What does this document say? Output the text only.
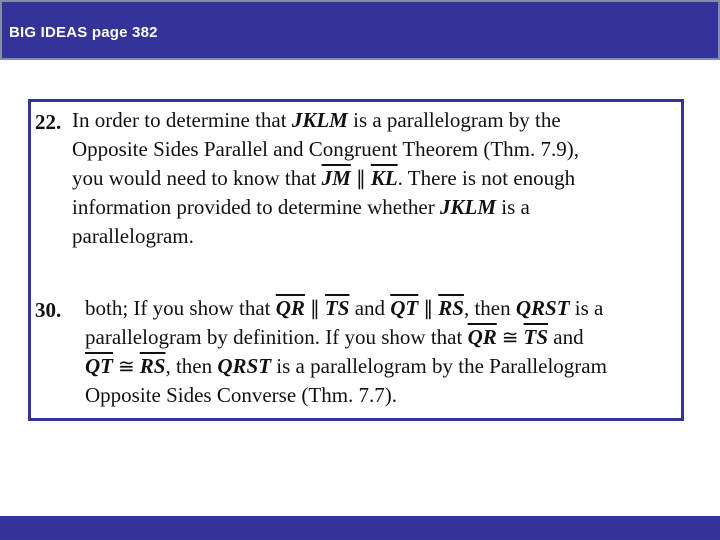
BIG IDEAS page 382
22. In order to determine that JKLM is a parallelogram by the
Opposite Sides Parallel and Congruent Theorem (Thm. 7.9),
you would need to know that $\overline{JM}$ ∥ $\overline{KL}$. There is not enough
information provided to determine whether JKLM is a
parallelogram.
30. both; If you show that $\overline{QR}$ ∥ $\overline{TS}$ and $\overline{QT}$ ∥ $\overline{RS}$, then QRST is a
parallelogram by definition. If you show that $\overline{QR}$ ≅ $\overline{TS}$ and
$\overline{QT}$ ≅ $\overline{RS}$, then QRST is a parallelogram by the Parallelogram
Opposite Sides Converse (Thm. 7.7).
